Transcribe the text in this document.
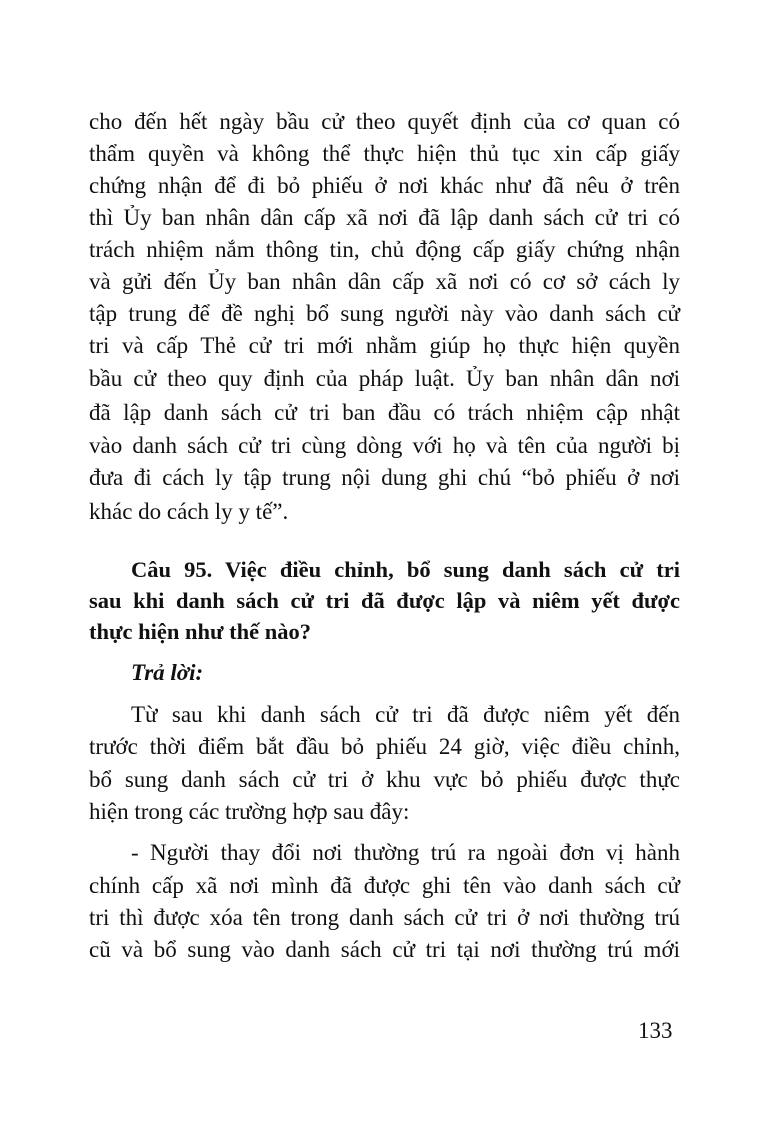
cho đến hết ngày bầu cử theo quyết định của cơ quan có
thẩm quyền và không thể thực hiện thủ tục xin cấp giấy
chứng nhận để đi bỏ phiếu ở nơi khác như đã nêu ở trên
thì Ủy ban nhân dân cấp xã nơi đã lập danh sách cử tri có
trách nhiệm nắm thông tin, chủ động cấp giấy chứng nhận
và gửi đến Ủy ban nhân dân cấp xã nơi có cơ sở cách ly
tập trung để đề nghị bổ sung người này vào danh sách cử
tri và cấp Thẻ cử tri mới nhằm giúp họ thực hiện quyền
bầu cử theo quy định của pháp luật. Ủy ban nhân dân nơi
đã lập danh sách cử tri ban đầu có trách nhiệm cập nhật
vào danh sách cử tri cùng dòng với họ và tên của người bị
đưa đi cách ly tập trung nội dung ghi chú “bỏ phiếu ở nơi
khác do cách ly y tế”.
Câu 95. Việc điều chỉnh, bổ sung danh sách cử tri
sau khi danh sách cử tri đã được lập và niêm yết được
thực hiện như thế nào?
Trả lời:
Từ sau khi danh sách cử tri đã được niêm yết đến
trước thời điểm bắt đầu bỏ phiếu 24 giờ, việc điều chỉnh,
bổ sung danh sách cử tri ở khu vực bỏ phiếu được thực
hiện trong các trường hợp sau đây:
- Người thay đổi nơi thường trú ra ngoài đơn vị hành
chính cấp xã nơi mình đã được ghi tên vào danh sách cử
tri thì được xóa tên trong danh sách cử tri ở nơi thường trú
cũ và bổ sung vào danh sách cử tri tại nơi thường trú mới
133
